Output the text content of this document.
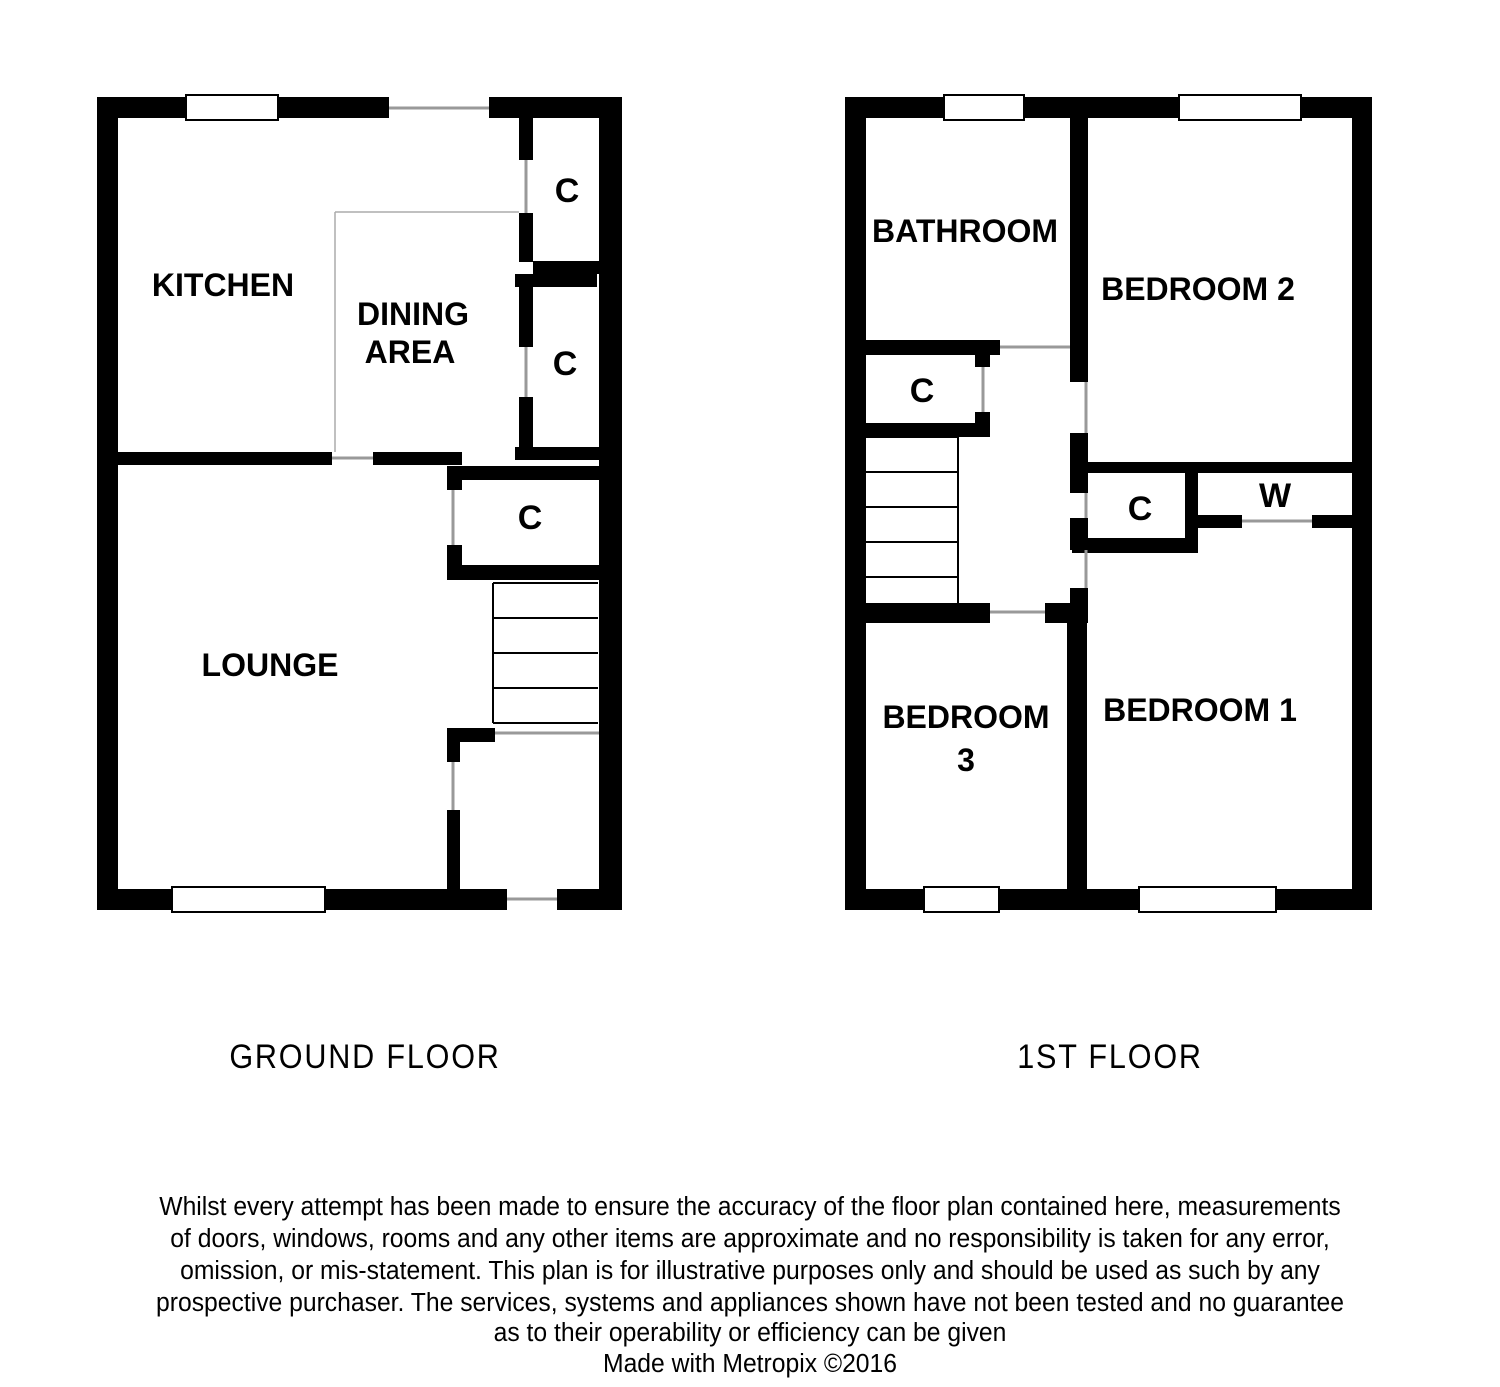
KITCHEN
DINING
AREA
LOUNGE
C
C
C
BATHROOM
BEDROOM 2
C
C	W
BEDROOM
3
BEDROOM 1
GROUND FLOOR	1ST FLOOR
Whilst every attempt has been made to ensure the accuracy of the floor plan contained here, measurements
of doors, windows, rooms and any other items are approximate and no responsibility is taken for any error,
omission, or mis-statement. This plan is for illustrative purposes only and should be used as such by any
prospective purchaser. The services, systems and appliances shown have not been tested and no guarantee
as to their operability or efficiency can be given
Made with Metropix ©2016
